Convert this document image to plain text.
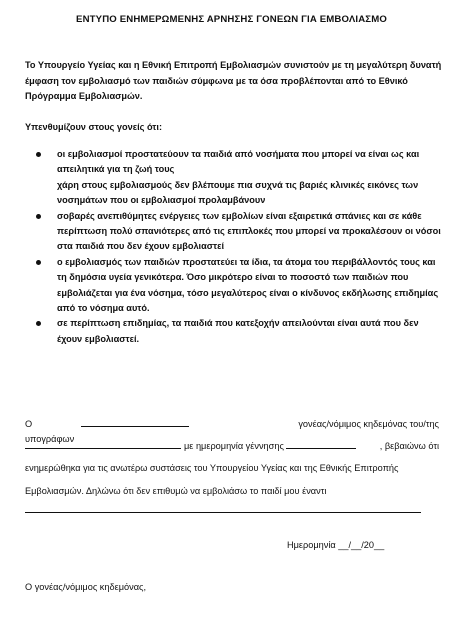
ΕΝΤΥΠΟ ΕΝΗΜΕΡΩΜΕΝΗΣ ΑΡΝΗΣΗΣ ΓΟΝΕΩΝ ΓΙΑ ΕΜΒΟΛΙΑΣΜΟ
Το Υπουργείο Υγείας και η Εθνική Επιτροπή Εμβολιασμών συνιστούν με τη μεγαλύτερη δυνατή έμφαση τον εμβολιασμό των παιδιών σύμφωνα με τα όσα προβλέπονται από το Εθνικό Πρόγραμμα Εμβολιασμών.
Υπενθυμίζουν στους γονείς ότι:
οι εμβολιασμοί προστατεύουν τα παιδιά από νοσήματα που μπορεί να είναι ως και απειλητικά για τη ζωή τους
χάρη στους εμβολιασμούς δεν βλέπουμε πια συχνά τις βαριές κλινικές εικόνες των νοσημάτων που οι εμβολιασμοί προλαμβάνουν
σοβαρές ανεπιθύμητες ενέργειες των εμβολίων είναι εξαιρετικά σπάνιες και σε κάθε περίπτωση πολύ σπανιότερες από τις επιπλοκές που μπορεί να προκαλέσουν οι νόσοι στα παιδιά που δεν έχουν εμβολιαστεί
ο εμβολιασμός των παιδιών προστατεύει τα ίδια, τα άτομα του περιβάλλοντός τους και τη δημόσια υγεία γενικότερα. Όσο μικρότερο είναι το ποσοστό των παιδιών που εμβολιάζεται για ένα νόσημα, τόσο μεγαλύτερος είναι ο κίνδυνος εκδήλωσης επιδημίας από το νόσημα αυτό.
σε περίπτωση επιδημίας, τα παιδιά που κατεξοχήν απειλούνται είναι αυτά που δεν έχουν εμβολιαστεί.
Ο υπογράφων
γονέας/νόμιμος κηδεμόνας του/της
με ημερομηνία γέννησης	, βεβαιώνω ότι
ενημερώθηκα για τις ανωτέρω συστάσεις του Υπουργείου Υγείας και της Εθνικής Επιτροπής
Εμβολιασμών. Δηλώνω ότι δεν επιθυμώ να εμβολιάσω το παιδί μου έναντι
Ημερομηνία __/__/20__
Ο γονέας/νόμιμος κηδεμόνας,
